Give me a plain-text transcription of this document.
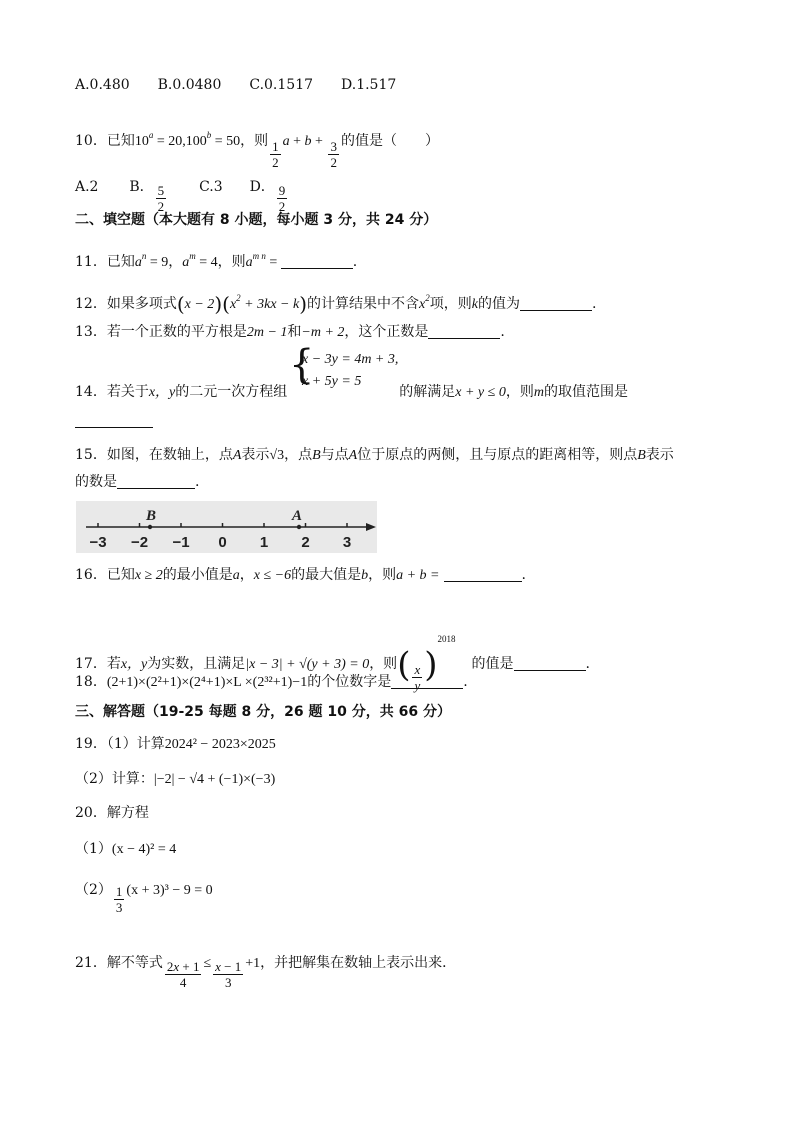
A.0.480　　B.0.0480　　C.0.1517　　D.1.517
10．已知$10^a = 20,100^b = 50$，则 $\frac{1}{2}$ $a + b + \frac{3}{2}$ 的值是（　　）
A.2 B． $\frac{5}{2} C.3$ D． $\frac{9}{2}$
二、填空题（本大题有 8 小题，每小题 3 分，共 24 分）
11．已知$a^n = 9$，$a^m = 4$，则$a^{m n}$ =	.
12．如果多项式$(x - 2)(x^2 + 3kx - k)$的计算结果中不含$x^2$项，则k的值为	.
13．若一个正数的平方根是2m − 1和−m + 2，这个正数是	.
{
x − 3y = 4m + 3,
x + 5y = 5
14．若关于x，y的二元一次方程组	的解满足x + y ≤ 0，则m的取值范围是
15．如图，在数轴上，点A表示√3，点B与点A位于原点的两侧，且与原点的距离相等，则点B表示
的数是	.
−3 −2 −1 0 1 2 3
B	A
16．已知x ≥ 2的最小值是a，x ≤ −6的最大值是b，则a + b =	.
17．若x，y为实数，且满足|x − 3| + √(y + 3) = 0，则( $\frac{x}{y} )^{2018}$的值是	.
18．(2+1)×(2²+1)×(2⁴+1)×L ×(2³²+1)−1的个位数字是	.
三、解答题（19-25 每题 8 分，26 题 10 分，共 66 分）
19．（1）计算2024² − 2023×2025
（2）计算：|−2| − √4 + (−1)×(−3)
20．解方程
（1）(x − 4)² = 4
$(2) \frac{1}{3} (x + 3)^3 - 9 = 0$
21．解不等式 $\frac{2x + 1}{4} \le \frac{x - 1}{3} +1$，并把解集在数轴上表示出来．
